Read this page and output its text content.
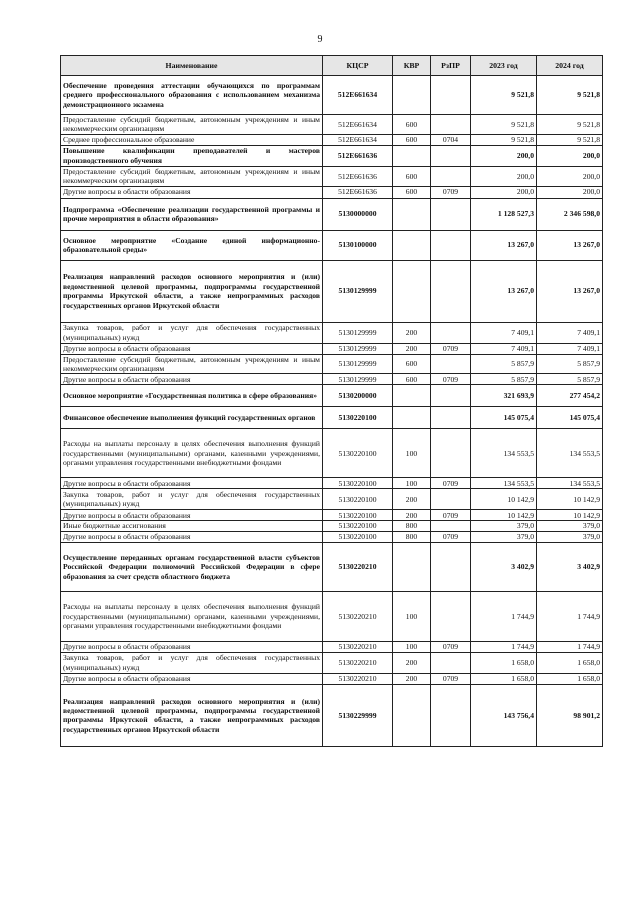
9
Наименование	КЦСР	КВР	РзПР	2023 год	2024 год
Обеспечение проведения аттестации обучающихся по программам среднего профессионального образования с использованием механизма демонстрационного экзамена	512E661634			9 521,8	9 521,8
Предоставление субсидий бюджетным, автономным учреждениям и иным некоммерческим организациям	512E661634	600		9 521,8	9 521,8
Среднее профессиональное образование	512E661634	600	0704	9 521,8	9 521,8
Повышение квалификации преподавателей и мастеров производственного обучения	512E661636			200,0	200,0
Предоставление субсидий бюджетным, автономным учреждениям и иным некоммерческим организациям	512E661636	600		200,0	200,0
Другие вопросы в области образования	512E661636	600	0709	200,0	200,0
Подпрограмма «Обеспечение реализации государственной программы и прочие мероприятия в области образования»	5130000000			1 128 527,3	2 346 598,0
Основное мероприятие «Создание единой информационно-образовательной среды»	5130100000			13 267,0	13 267,0
Реализация направлений расходов основного мероприятия и (или) ведомственной целевой программы, подпрограммы государственной программы Иркутской области, а также непрограммных расходов государственных органов Иркутской области	5130129999			13 267,0	13 267,0
Закупка товаров, работ и услуг для обеспечения государственных (муниципальных) нужд	5130129999	200		7 409,1	7 409,1
Другие вопросы в области образования	5130129999	200	0709	7 409,1	7 409,1
Предоставление субсидий бюджетным, автономным учреждениям и иным некоммерческим организациям	5130129999	600		5 857,9	5 857,9
Другие вопросы в области образования	5130129999	600	0709	5 857,9	5 857,9
Основное мероприятие «Государственная политика в сфере образования»	5130200000			321 693,9	277 454,2
Финансовое обеспечение выполнения функций государственных органов	5130220100			145 075,4	145 075,4
Расходы на выплаты персоналу в целях обеспечения выполнения функций государственными (муниципальными) органами, казенными учреждениями, органами управления государственными внебюджетными фондами	5130220100	100		134 553,5	134 553,5
Другие вопросы в области образования	5130220100	100	0709	134 553,5	134 553,5
Закупка товаров, работ и услуг для обеспечения государственных (муниципальных) нужд	5130220100	200		10 142,9	10 142,9
Другие вопросы в области образования	5130220100	200	0709	10 142,9	10 142,9
Иные бюджетные ассигнования	5130220100	800		379,0	379,0
Другие вопросы в области образования	5130220100	800	0709	379,0	379,0
Осуществление переданных органам государственной власти субъектов Российской Федерации полномочий Российской Федерации в сфере образования за счет средств областного бюджета	5130220210			3 402,9	3 402,9
Расходы на выплаты персоналу в целях обеспечения выполнения функций государственными (муниципальными) органами, казенными учреждениями, органами управления государственными внебюджетными фондами	5130220210	100		1 744,9	1 744,9
Другие вопросы в области образования	5130220210	100	0709	1 744,9	1 744,9
Закупка товаров, работ и услуг для обеспечения государственных (муниципальных) нужд	5130220210	200		1 658,0	1 658,0
Другие вопросы в области образования	5130220210	200	0709	1 658,0	1 658,0
Реализация направлений расходов основного мероприятия и (или) ведомственной целевой программы, подпрограммы государственной программы Иркутской области, а также непрограммных расходов государственных органов Иркутской области	5130229999			143 756,4	98 901,2
